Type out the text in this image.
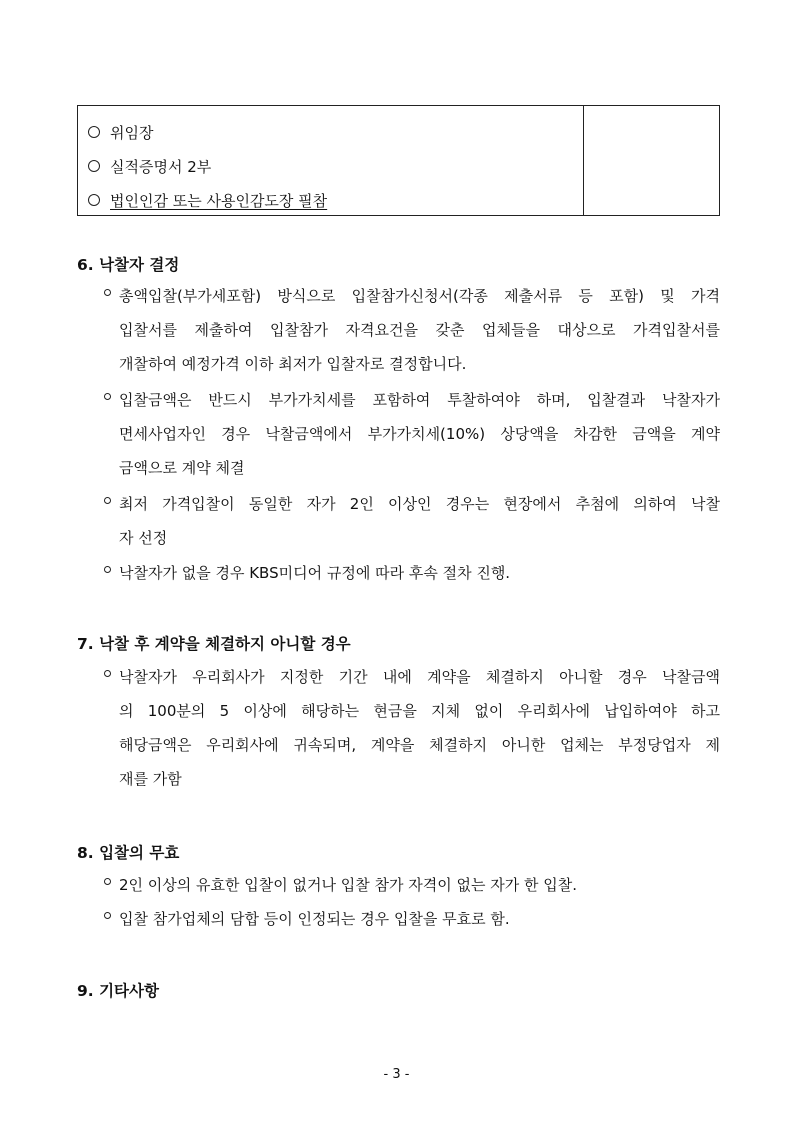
위임장
실적증명서 2부
법인인감 또는 사용인감도장 필참
6. 낙찰자 결정
총액입찰(부가세포함) 방식으로 입찰참가신청서(각종 제출서류 등 포함) 및 가격
입찰서를 제출하여 입찰참가 자격요건을 갖춘 업체들을 대상으로 가격입찰서를
개찰하여 예정가격 이하 최저가 입찰자로 결정합니다.
입찰금액은 반드시 부가가치세를 포함하여 투찰하여야 하며, 입찰결과 낙찰자가
면세사업자인 경우 낙찰금액에서 부가가치세(10%) 상당액을 차감한 금액을 계약
금액으로 계약 체결
최저 가격입찰이 동일한 자가 2인 이상인 경우는 현장에서 추첨에 의하여 낙찰
자 선정
낙찰자가 없을 경우 KBS미디어 규정에 따라 후속 절차 진행.
7. 낙찰 후 계약을 체결하지 아니할 경우
낙찰자가 우리회사가 지정한 기간 내에 계약을 체결하지 아니할 경우 낙찰금액
의 100분의 5 이상에 해당하는 현금을 지체 없이 우리회사에 납입하여야 하고
해당금액은 우리회사에 귀속되며, 계약을 체결하지 아니한 업체는 부정당업자 제
재를 가함
8. 입찰의 무효
2인 이상의 유효한 입찰이 없거나 입찰 참가 자격이 없는 자가 한 입찰.
입찰 참가업체의 담합 등이 인정되는 경우 입찰을 무효로 함.
9. 기타사항
- 3 -
